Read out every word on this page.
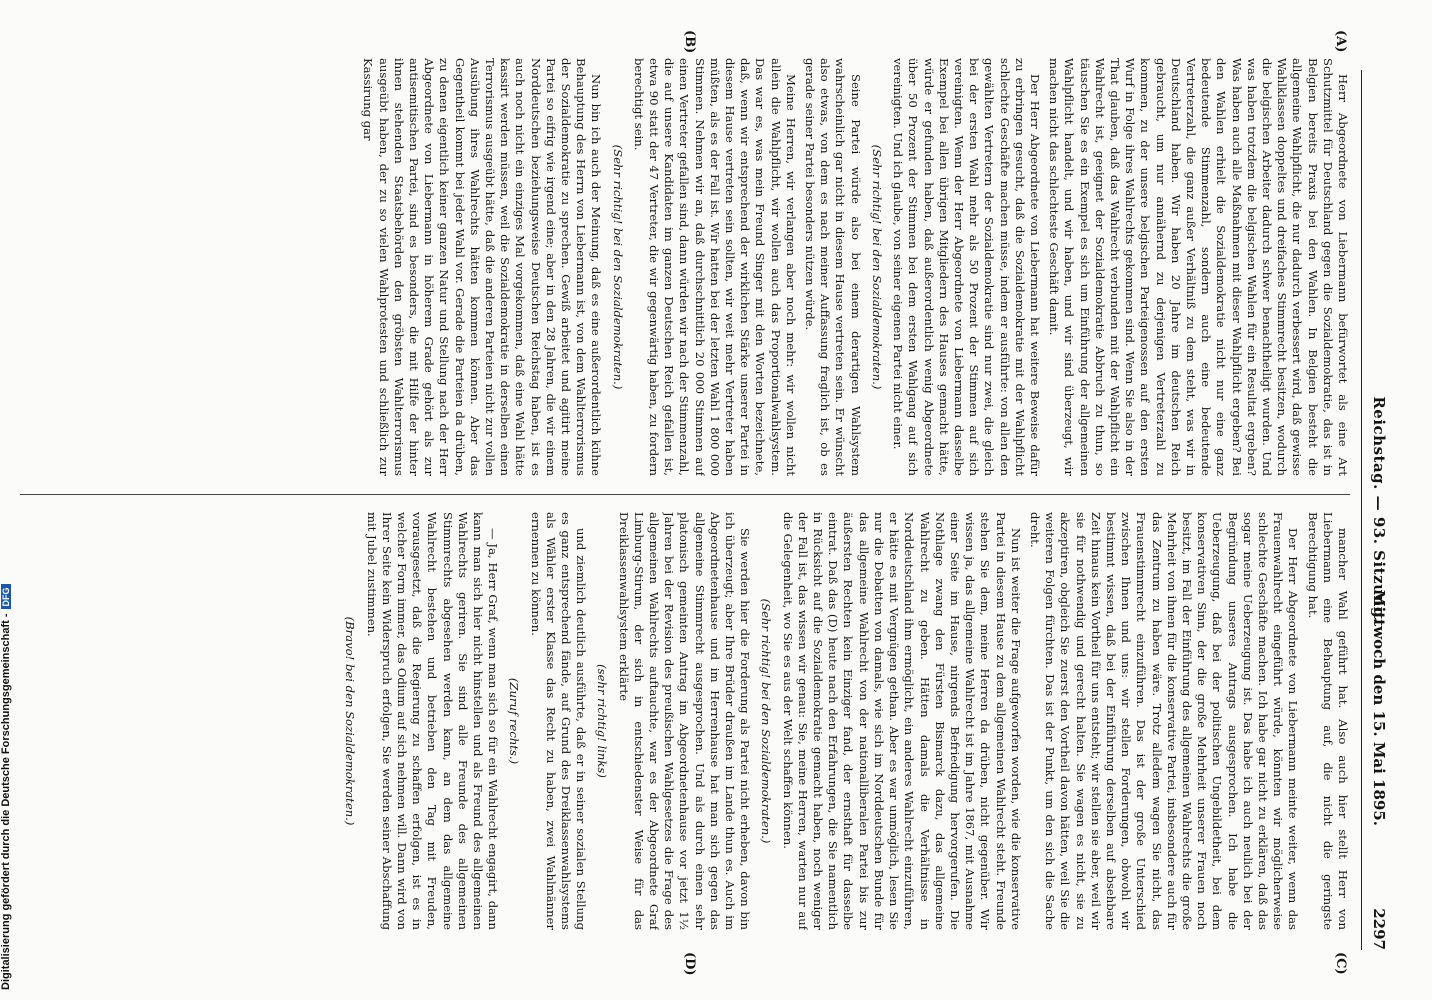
Reichstag. — 93. Sitzung.
Mittwoch den 15. Mai 1895.
2297
(A)
(B)
(C)
(D)

Herr Abgeordnete von Liebermann befürwortet als eine Art Schutzmittel für Deutschland gegen die Sozialdemokratie, das ist in Belgien bereits Praxis bei den Wahlen. In Belgien besteht die allgemeine Wahlpflicht, die nur dadurch verbessert wird, daß gewisse Wahlklassen doppeltes und dreifaches Stimmrecht besitzen, wodurch die belgischen Arbeiter dadurch schwer benachtheiligt wurden. Und was haben trotzdem die belgischen Wahlen für ein Resultat ergeben? Was haben auch alle Maßnahmen mit dieser Wahlpflicht ergeben? Bei den Wahlen erhielt die Sozialdemokratie nicht nur eine ganz bedeutende Stimmenzahl, sondern auch eine bedeutende Vertreterzahl, die ganz außer Verhältniß zu dem steht, was wir in Deutschland haben. Wir haben 20 Jahre im deutschen Reich gebraucht, um nur annähernd zu derjenigen Vertreterzahl zu kommen, zu der unsere belgischen Parteigenossen auf den ersten Wurf in Folge ihres Wahlrechts gekommen sind. Wenn Sie also in der That glauben, daß das Wahlrecht verbunden mit der Wahlpflicht ein Wahlrecht ist, geeignet der Sozialdemokratie Abbruch zu thun, so täuschen Sie es ein Exempel es sich um Einführung der allgemeinen Wahlpflicht handelt, und wir haben, und wir sind überzeugt, wir machen nicht das schlechteste Geschäft damit.

Der Herr Abgeordnete von Liebermann hat weitere Beweise dafür zu erbringen gesucht, daß die Sozialdemokratie mit der Wahlpflicht schlechte Geschäfte machen müsse, indem er ausführte: von allen den gewählten Vertretern der Sozialdemokratie sind nur zwei, die gleich bei der ersten Wahl mehr als 50 Prozent der Stimmen auf sich vereinigten. Wenn der Herr Abgeordnete von Liebermann dasselbe Exempel bei allen übrigen Mitgliedern des Hauses gemacht hätte, würde er gefunden haben, daß außerordentlich wenig Abgeordnete über 50 Prozent der Stimmen bei dem ersten Wahlgang auf sich vereinigten. Und ich glaube, von seiner eigenen Partei nicht einer.

(Sehr richtig! bei den Sozialdemokraten.)

Seine Partei würde also bei einem derartigen Wahlsystem wahrscheinlich gar nicht in diesem Hause vertreten sein. Er wünscht also etwas, von dem es nach meiner Auffassung fraglich ist, ob es gerade seiner Partei besonders nützen würde.

Meine Herren, wir verlangen aber noch mehr: wir wollen nicht allein die Wahlpflicht, wir wollen auch das Proportionalwahlsystem. Das war es, was mein Freund Singer mit den Worten bezeichnete, daß, wenn wir entsprechend der wirklichen Stärke unserer Partei in diesem Hause vertreten sein sollten, wir weit mehr Vertreter haben müßten, als es der Fall ist. Wir hatten bei der letzten Wahl 1 800 000 Stimmen. Nehmen wir an, daß durchschnittlich 20 000 Stimmen auf einen Vertreter gefallen sind, dann würden wir nach der Stimmenzahl, die auf unsere Kandidaten im ganzen Deutschen Reich gefallen ist, etwa 90 statt der 47 Vertreter, die wir gegenwärtig haben, zu fordern berechtigt sein.

(Sehr richtig! bei den Sozialdemokraten.)

Nun bin ich auch der Meinung, daß es eine außerordentlich kühne Behauptung des Herrn von Liebermann ist, von dem Wahlterrorismus der Sozialdemokratie zu sprechen. Gewiß arbeitet und agitirt meine Partei so eifrig wie irgend eine; aber in den 28 Jahren, die wir einem Norddeutschen beziehungsweise Deutschen Reichstag haben, ist es auch noch nicht ein einziges Mal vorgekommen, daß eine Wahl hätte kassirt werden müssen, weil die Sozialdemokratie in derselben einen Terrorismus ausgeübt hätte, daß die anderen Parteien nicht zur vollen Ausübung ihres Wahlrechts hätten kommen können. Aber das Gegentheil kommt bei jeder Wahl vor. Gerade die Parteien da drüben, zu denen eigentlich keiner ganzen Natur und Stellung nach der Herr Abgeordnete von Liebermann in höherem Grade gehört als zur antisemitischen Partei, sind es besonders, die mit Hilfe der hinter ihnen stehenden Staatsbehörden den gröbsten Wahlterrorismus ausgeübt haben, der zu so vielen Wahlprotesten und schließlich zur Kassirung gar

mancher Wahl geführt hat. Also auch hier stellt Herr von Liebermann eine Behauptung auf, die nicht die geringste Berechtigung hat.

Der Herr Abgeordnete von Liebermann meinte weiter, wenn das Frauenwahlrecht eingeführt würde, könnten wir möglicherweise schlechte Geschäfte machen. Ich habe gar nicht zu erklären, daß das sogar meine Ueberzeugung ist. Das habe ich auch neulich bei der Begründung unseres Antrags ausgesprochen. Ich habe die Ueberzeugung, daß bei der politischen Ungebildetheit, bei dem konservativen Sinn, der die große Mehrheit unserer Frauen noch besitzt, im Fall der Einführung des allgemeinen Wahlrechts die große Mehrheit von ihnen für die konservative Partei, insbesondere auch für das Zentrum zu haben wäre. Trotz alledem wagen Sie nicht, das Frauenstimmrecht einzuführen. Das ist der große Unterschied zwischen Ihnen und uns: wir stellen Forderungen, obwohl wir bestimmt wissen, daß bei der Einführung derselben auf absehbare Zeit hinaus kein Vortheil für uns entsteht; wir stellen sie aber, weil wir sie für nothwendig und gerecht halten. Sie wagen es nicht, sie zu akzeptiren, obgleich Sie zuerst den Vortheil davon hätten, weil Sie die weiteren Folgen fürchten. Das ist der Punkt, um den sich die Sache dreht.

Nun ist weiter die Frage aufgeworfen worden, wie die konservative Partei in diesem Hause zu dem allgemeinen Wahlrecht steht. Freunde stehen Sie dem, meine Herren da drüben, nicht gegenüber. Wir wissen ja, das allgemeine Wahlrecht ist im Jahre 1867, mit Ausnahme einer Seite im Hause, nirgends Befriedigung hervorgerufen. Die Nothlage zwang den Fürsten Bismarck dazu, das allgemeine Wahlrecht zu geben. Hätten damals die Verhältnisse in Norddeutschland ihm ermöglicht, ein anderes Wahlrecht einzuführen, er hätte es mit Vergnügen gethan. Aber es war unmöglich, lesen Sie nur die Debatten von damals, wie sich im Norddeutschen Bunde für das allgemeine Wahlrecht von der nationalliberalen Partei bis zur äußersten Rechten kein Einziger fand, der ernsthaft für dasselbe eintrat. Daß das (D) heute nach den Erfahrungen, die Sie namentlich in Rücksicht auf die Sozialdemokratie gemacht haben, noch weniger der Fall ist, das wissen wir genau: Sie, meine Herren, warten nur auf die Gelegenheit, wo Sie es aus der Welt schaffen können.

(Sehr richtig! bei den Sozialdemokraten.)

Sie werden hier die Forderung als Partei nicht erheben, davon bin ich überzeugt; aber Ihre Brüder draußen im Lande thun es. Auch im Abgeordnetenhause und im Herrenhause hat man sich gegen das allgemeine Stimmrecht ausgesprochen. Und als durch einen sehr platonisch gemeinten Antrag im Abgeordnetenhause vor jetzt 1½ Jahren bei der Revision des preußischen Wahlgesetzes die Frage des allgemeinen Wahlrechts auftauchte, war es der Abgeordnete Graf Limburg-Stirum, der sich in entschiedenster Weise für das Dreiklassenwahlsystem erklärte

(sehr richtig! links)

und ziemlich deutlich ausführte, daß er in seiner sozialen Stellung es ganz entsprechend fände, auf Grund des Dreiklassenwahlsystems als Wähler erster Klasse das Recht zu haben, zwei Wahlmänner ernennen zu können.

(Zuruf rechts.)

— Ja, Herr Graf, wenn man sich so für ein Wahlrecht engagirt, dann kann man sich hier nicht hinstellen und als Freund des allgemeinen Wahlrechts geriren. Sie sind alle Freunde des allgemeinen Stimmrechts abgesehen werden kann, an dem das allgemeine Wahlrecht bestehen und betrieben den Tag mit Freuden, vorausgesetzt, daß die Regierung zu schaffen erfolgen, ist es in welcher Form immer, das Odium auf sich nehmen will. Dann wird von Ihrer Seite kein Widerspruch erfolgen, Sie werden seiner Abschaffung mit Jubel zustimmen.

(Bravo! bei den Sozialdemokraten.)

Digitalisierung gefördert durch die Deutsche Forschungsgemeinschaft -DFG
